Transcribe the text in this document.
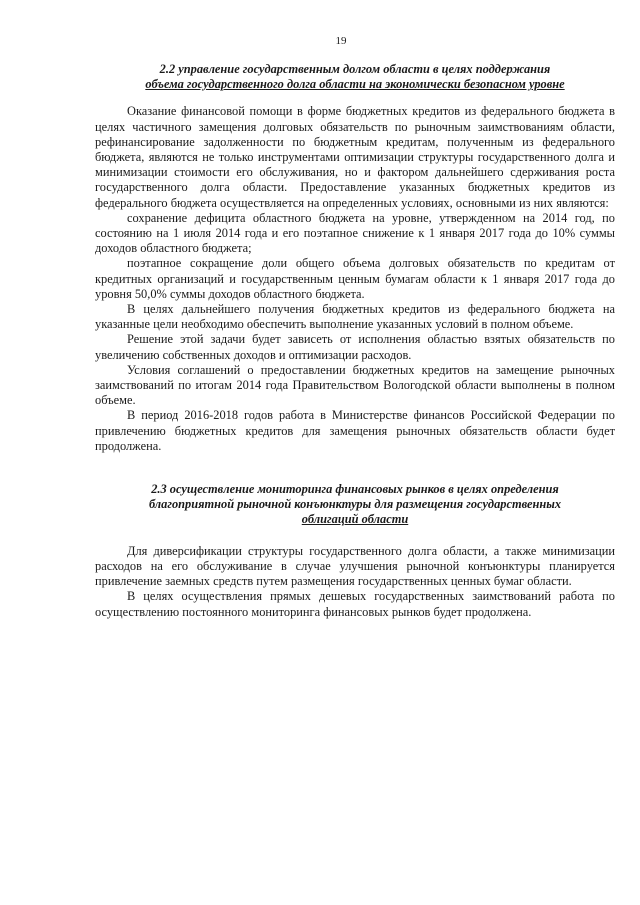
19
2.2 управление государственным долгом области в целях поддержания
объема государственного долга области на экономически безопасном уровне

Оказание финансовой помощи в форме бюджетных кредитов из федерального бюджета в целях частичного замещения долговых обязательств по рыночным заимствованиям области, рефинансирование задолженности по бюджетным кредитам, полученным из федерального бюджета, являются не только инструментами оптимизации структуры государственного долга и минимизации стоимости его обслуживания, но и фактором дальнейшего сдерживания роста государственного долга области. Предоставление указанных бюджетных кредитов из федерального бюджета осуществляется на определенных условиях, основными из них являются:

сохранение дефицита областного бюджета на уровне, утвержденном на 2014 год, по состоянию на 1 июля 2014 года и его поэтапное снижение к 1 января 2017 года до 10% суммы доходов областного бюджета;

поэтапное сокращение доли общего объема долговых обязательств по кредитам от кредитных организаций и государственным ценным бумагам области к 1 января 2017 года до уровня 50,0% суммы доходов областного бюджета.

В целях дальнейшего получения бюджетных кредитов из федерального бюджета на указанные цели необходимо обеспечить выполнение указанных условий в полном объеме.

Решение этой задачи будет зависеть от исполнения областью взятых обязательств по увеличению собственных доходов и оптимизации расходов.

Условия соглашений о предоставлении бюджетных кредитов на замещение рыночных заимствований по итогам 2014 года Правительством Вологодской области выполнены в полном объеме.

В период 2016-2018 годов работа в Министерстве финансов Российской Федерации по привлечению бюджетных кредитов для замещения рыночных обязательств области будет продолжена.

2.3 осуществление мониторинга финансовых рынков в целях определения
благоприятной рыночной конъюнктуры для размещения государственных
облигаций области

Для диверсификации структуры государственного долга области, а также минимизации расходов на его обслуживание в случае улучшения рыночной конъюнктуры планируется привлечение заемных средств путем размещения государственных ценных бумаг области.

В целях осуществления прямых дешевых государственных заимствований работа по осуществлению постоянного мониторинга финансовых рынков будет продолжена.
